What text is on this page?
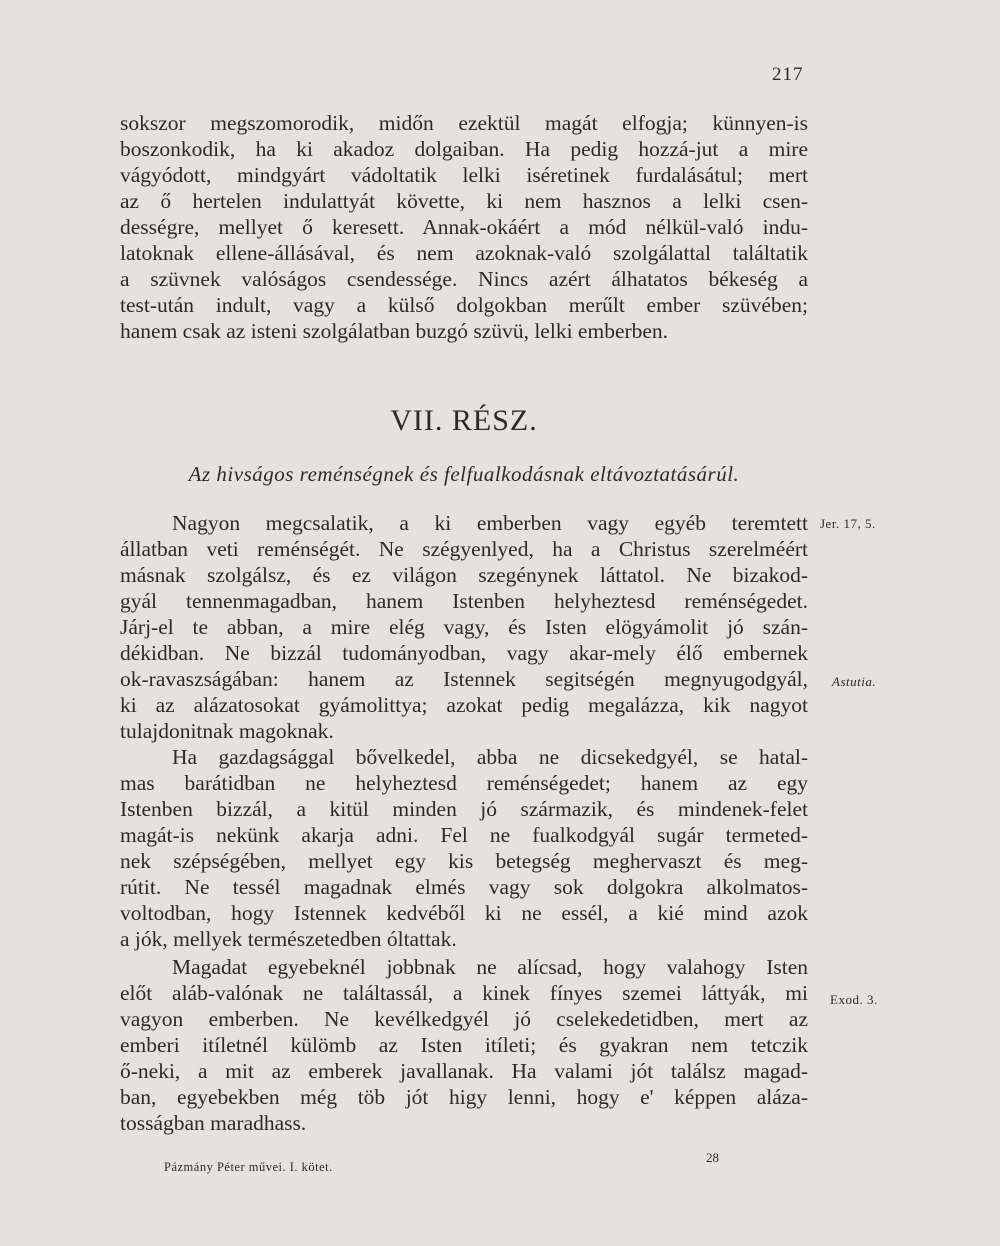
217
sokszor megszomorodik, midőn ezektül magát elfogja; künnyen-is
boszonkodik, ha ki akadoz dolgaiban. Ha pedig hozzá-jut a mire
vágyódott, mindgyárt vádoltatik lelki iséretinek furdalásátul; mert
az ő hertelen indulattyát követte, ki nem hasznos a lelki csen-
dességre, mellyet ő keresett. Annak-okáért a mód nélkül-való indu-
latoknak ellene-állásával, és nem azoknak-való szolgálattal találtatik
a szüvnek valóságos csendessége. Nincs azért álhatatos békeség a
test-után indult, vagy a külső dolgokban merűlt ember szüvében;
hanem csak az isteni szolgálatban buzgó szüvü, lelki emberben.
VII. RÉSZ.
Az hivságos reménségnek és felfualkodásnak eltávoztatásárúl.
Nagyon megcsalatik, a ki emberben vagy egyéb teremtett
állatban veti reménségét. Ne szégyenlyed, ha a Christus szerelméért
másnak szolgálsz, és ez világon szegénynek láttatol. Ne bizakod-
gyál tennenmagadban, hanem Istenben helyheztesd reménségedet.
Járj-el te abban, a mire elég vagy, és Isten elögyámolit jó szán-
dékidban. Ne bizzál tudományodban, vagy akar-mely élő embernek
ok-ravaszságában: hanem az Istennek segitségén megnyugodgyál,
ki az alázatosokat gyámolittya; azokat pedig megalázza, kik nagyot
tulajdonitnak magoknak.
Ha gazdagsággal bővelkedel, abba ne dicsekedgyél, se hatal-
mas barátidban ne helyheztesd reménségedet; hanem az egy
Istenben bizzál, a kitül minden jó származik, és mindenek-felet
magát-is nekünk akarja adni. Fel ne fualkodgyál sugár termeted-
nek szépségében, mellyet egy kis betegség meghervaszt és meg-
rútit. Ne tessél magadnak elmés vagy sok dolgokra alkolmatos-
voltodban, hogy Istennek kedvéből ki ne essél, a kié mind azok
a jók, mellyek természetedben óltattak.
Magadat egyebeknél jobbnak ne alícsad, hogy valahogy Isten
előt aláb-valónak ne találtassál, a kinek fínyes szemei láttyák, mi
vagyon emberben. Ne kevélkedgyél jó cselekedetidben, mert az
emberi itíletnél külömb az Isten itíleti; és gyakran nem tetczik
ő-neki, a mit az emberek javallanak. Ha valami jót találsz magad-
ban, egyebekben még töb jót higy lenni, hogy e' képpen aláza-
tosságban maradhass.
Jer. 17, 5.
Astutia.
Exod. 3.
Pázmány Péter művei. I. kötet.
28
